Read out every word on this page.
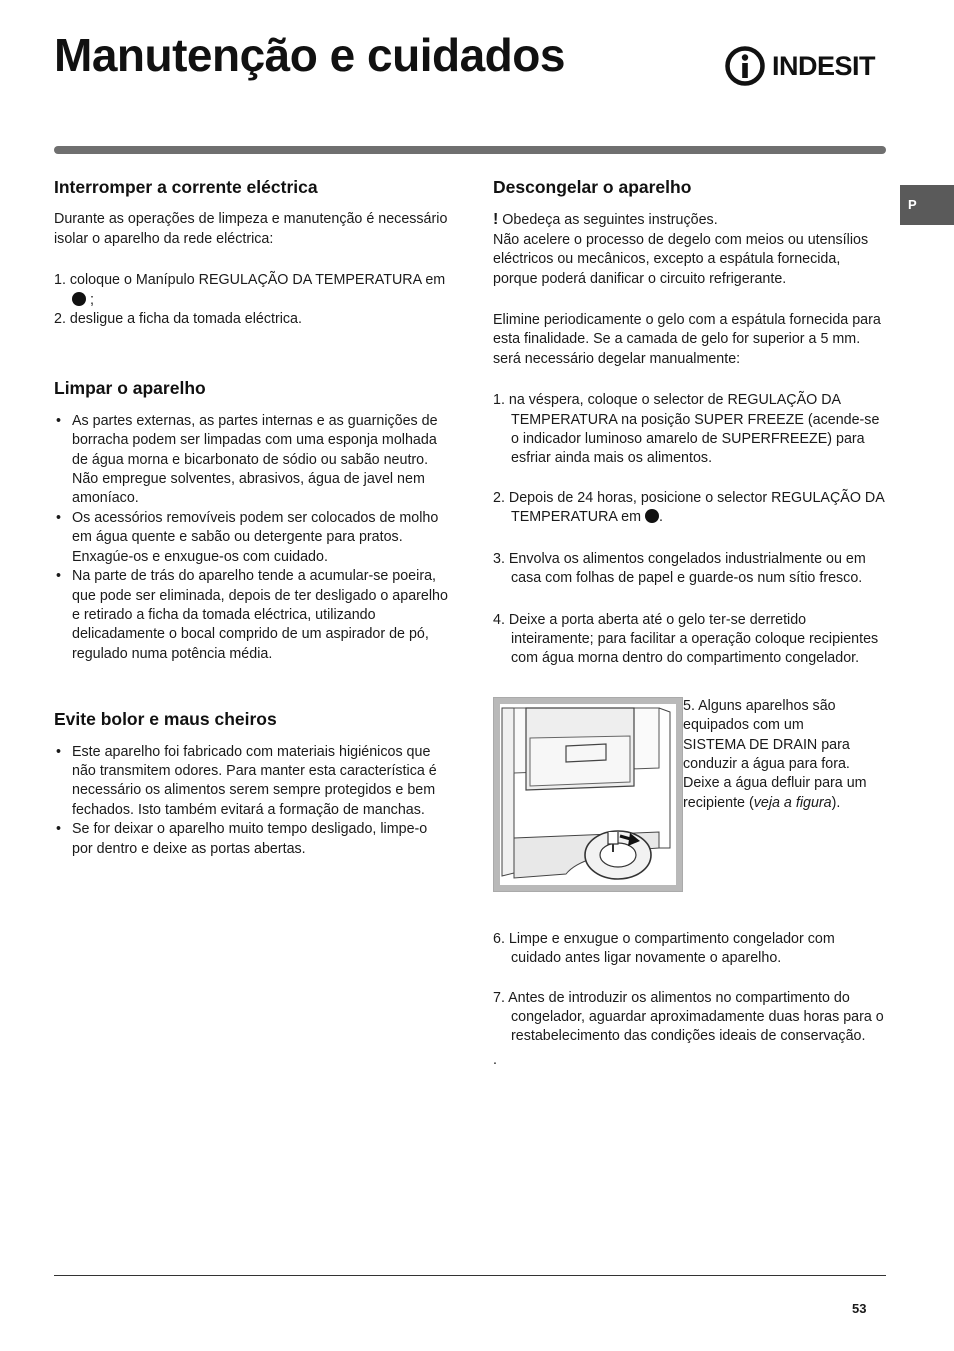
Manutenção e cuidados	INDESIT
P
Interromper a corrente eléctrica

Durante as operações de limpeza e manutenção é necessário isolar o aparelho da rede eléctrica:

1. coloque o Manípulo REGULAÇÃO DA TEMPERATURA em  ;
2. desligue a ficha da tomada eléctrica.
Limpar o aparelho
• As partes externas, as partes internas e as guarnições de borracha podem ser limpadas com uma esponja molhada de água morna e bicarbonato de sódio ou sabão neutro. Não empregue solventes, abrasivos, água de javel nem amoníaco.
• Os acessórios removíveis podem ser colocados de molho em água quente e sabão ou detergente para pratos. Enxagúe-os e enxugue-os com cuidado.
• Na parte de trás do aparelho tende a acumular-se poeira, que pode ser eliminada, depois de ter desligado o aparelho e retirado a ficha da tomada eléctrica, utilizando delicadamente o bocal comprido de um aspirador de pó, regulado numa potência média.
Evite bolor e maus cheiros
• Este aparelho foi fabricado com materiais higiénicos que não transmitem odores. Para manter esta característica é necessário os alimentos serem sempre protegidos e bem fechados. Isto também evitará a formação de manchas.
• Se for deixar o aparelho muito tempo desligado, limpe-o por dentro e deixe as portas abertas.
Descongelar o aparelho

! Obedeça as seguintes instruções.

Não acelere o processo de degelo com meios ou utensílios eléctricos ou mecânicos, excepto a espátula fornecida, porque poderá danificar o circuito refrigerante.

Elimine periodicamente o gelo com a espátula fornecida para esta finalidade. Se a camada de gelo for superior a 5 mm. será necessário degelar manualmente:

1. na véspera, coloque o selector de REGULAÇÃO DA TEMPERATURA na posição SUPER FREEZE (acende-se o indicador luminoso amarelo de SUPERFREEZE) para esfriar ainda mais os alimentos.
2. Depois de 24 horas, posicione o selector REGULAÇÃO DA TEMPERATURA em .
3. Envolva os alimentos congelados industrialmente ou em casa com folhas de papel e guarde-os num sítio fresco.
4. Deixe a porta aberta até o gelo ter-se derretido inteiramente; para facilitar a operação coloque recipientes com água morna dentro do compartimento congelador.

5. Alguns aparelhos são equipados com um SISTEMA DE DRAIN para conduzir a água para fora. Deixe a água defluir para um recipiente (veja a figura).

6. Limpe e enxugue o compartimento congelador com cuidado antes ligar novamente o aparelho.
7. Antes de introduzir os alimentos no compartimento do congelador, aguardar aproximadamente duas horas para o restabelecimento das condições ideais de conservação.

.

53
